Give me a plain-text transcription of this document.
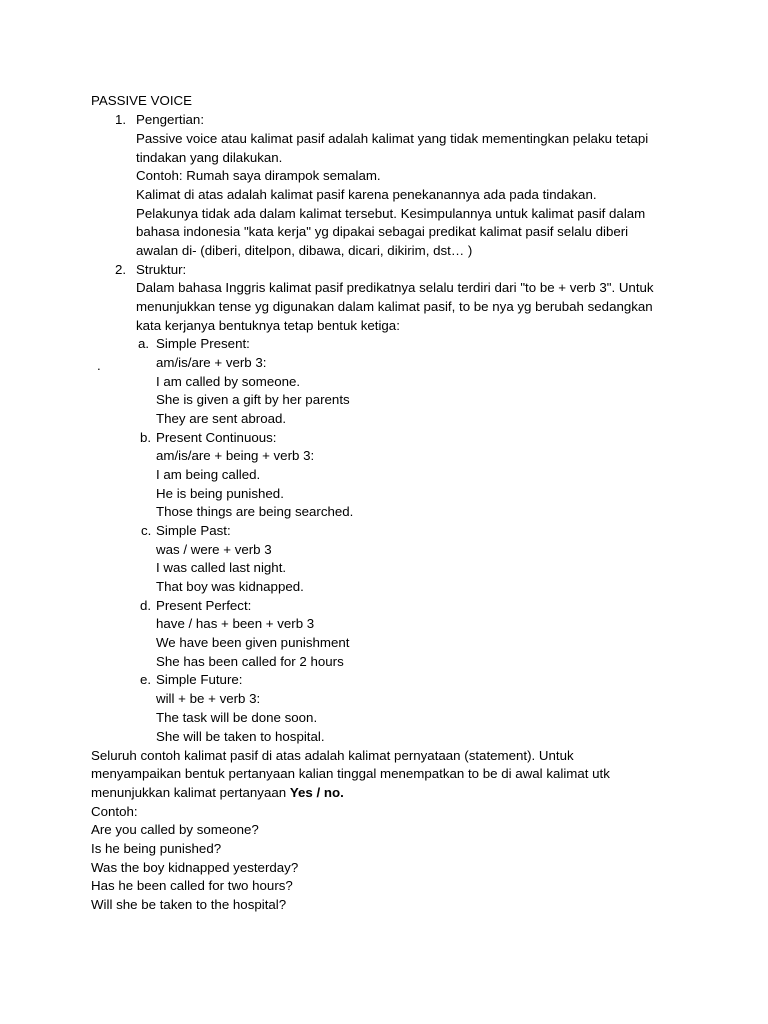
PASSIVE VOICE
1. Pengertian:
Passive voice atau kalimat pasif adalah kalimat yang tidak mementingkan pelaku tetapi
tindakan yang dilakukan.
Contoh: Rumah saya dirampok semalam.
Kalimat di atas adalah kalimat pasif karena penekanannya ada pada tindakan.
Pelakunya tidak ada dalam kalimat tersebut. Kesimpulannya untuk kalimat pasif dalam
bahasa indonesia "kata kerja" yg dipakai sebagai predikat kalimat pasif selalu diberi
awalan di- (diberi, ditelpon, dibawa, dicari, dikirim, dst… )
2. Struktur:
Dalam bahasa Inggris kalimat pasif predikatnya selalu terdiri dari "to be + verb 3". Untuk
menunjukkan tense yg digunakan dalam kalimat pasif, to be nya yg berubah sedangkan
kata kerjanya bentuknya tetap bentuk ketiga:
a. Simple Present:
.	am/is/are + verb 3:
I am called by someone.
She is given a gift by her parents
They are sent abroad.
b. Present Continuous:
am/is/are + being + verb 3:
I am being called.
He is being punished.
Those things are being searched.
c. Simple Past:
was / were + verb 3
I was called last night.
That boy was kidnapped.
d. Present Perfect:
have / has + been + verb 3
We have been given punishment
She has been called for 2 hours
e. Simple Future:
will + be + verb 3:
The task will be done soon.
She will be taken to hospital.
Seluruh contoh kalimat pasif di atas adalah kalimat pernyataan (statement). Untuk
menyampaikan bentuk pertanyaan kalian tinggal menempatkan to be di awal kalimat utk
menunjukkan kalimat pertanyaan Yes / no.
Contoh:
Are you called by someone?
Is he being punished?
Was the boy kidnapped yesterday?
Has he been called for two hours?
Will she be taken to the hospital?
